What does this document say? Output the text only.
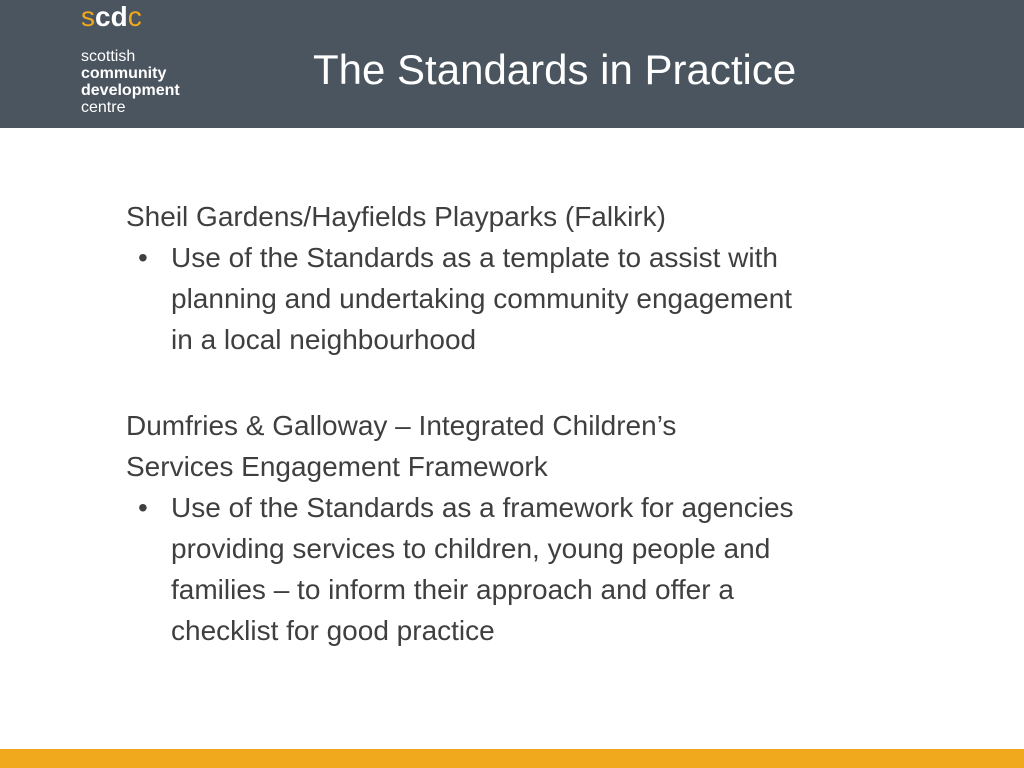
scdc
scottish
community
development
centre
The Standards in Practice
Sheil Gardens/Hayfields Playparks (Falkirk)
• Use of the Standards as a template to assist with
planning and undertaking community engagement
in a local neighbourhood
Dumfries & Galloway – Integrated Children’s
Services Engagement Framework
• Use of the Standards as a framework for agencies
providing services to children, young people and
families – to inform their approach and offer a
checklist for good practice
